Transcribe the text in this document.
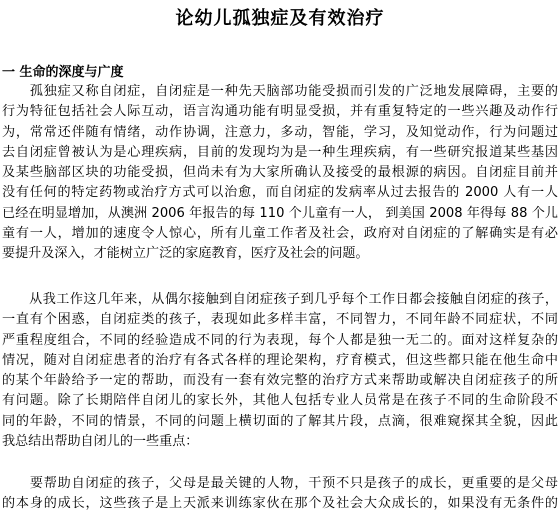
论幼儿孤独症及有效治疗
一 生命的深度与广度
　　孤独症又称自闭症，自闭症是一种先天脑部功能受损而引发的广泛地发展障碍，主要的
行为特征包括社会人际互动，语言沟通功能有明显受损，并有重复特定的一些兴趣及动作行
为，常常还伴随有情绪，动作协调，注意力，多动，智能，学习，及知觉动作，行为问题过
去自闭症曾被认为是心理疾病，目前的发现均为是一种生理疾病，有一些研究报道某些基因
及某些脑部区块的功能受损，但尚未有为大家所确认及接受的最根源的病因。自闭症目前并
没有任何的特定药物或治疗方式可以治愈，而自闭症的发病率从过去报告的 2000 人有一人
已经在明显增加，从澳洲 2006 年报告的每 110 个儿童有一人， 到美国 2008 年得每 88 个儿
童有一人，增加的速度令人惊心，所有儿童工作者及社会，政府对自闭症的了解确实是有必
要提升及深入，才能树立广泛的家庭教育，医疗及社会的问题。
　　从我工作这几年来，从偶尔接触到自闭症孩子到几乎每个工作日都会接触自闭症的孩子，
一直有个困惑，自闭症类的孩子，表现如此多样丰富，不同智力，不同年龄不同症状，不同
严重程度组合，不同的经验造成不同的行为表现，每个人都是独一无二的。面对这样复杂的
情况，随对自闭症患者的治疗有各式各样的理论架构，疗育模式，但这些都只能在他生命中
的某个年龄给予一定的帮助，而没有一套有效完整的治疗方式来帮助或解决自闭症孩子的所
有问题。除了长期陪伴自闭儿的家长外，其他人包括专业人员常是在孩子不同的生命阶段不
同的年龄，不同的情景，不同的问题上横切面的了解其片段，点滴，很难窥探其全貌，因此
我总结出帮助自闭儿的一些重点：
　　要帮助自闭症的孩子，父母是最关键的人物，干预不只是孩子的成长，更重要的是父母
的本身的成长，这些孩子是上天派来训练家伙在那个及社会大众成长的，如果没有无条件的
